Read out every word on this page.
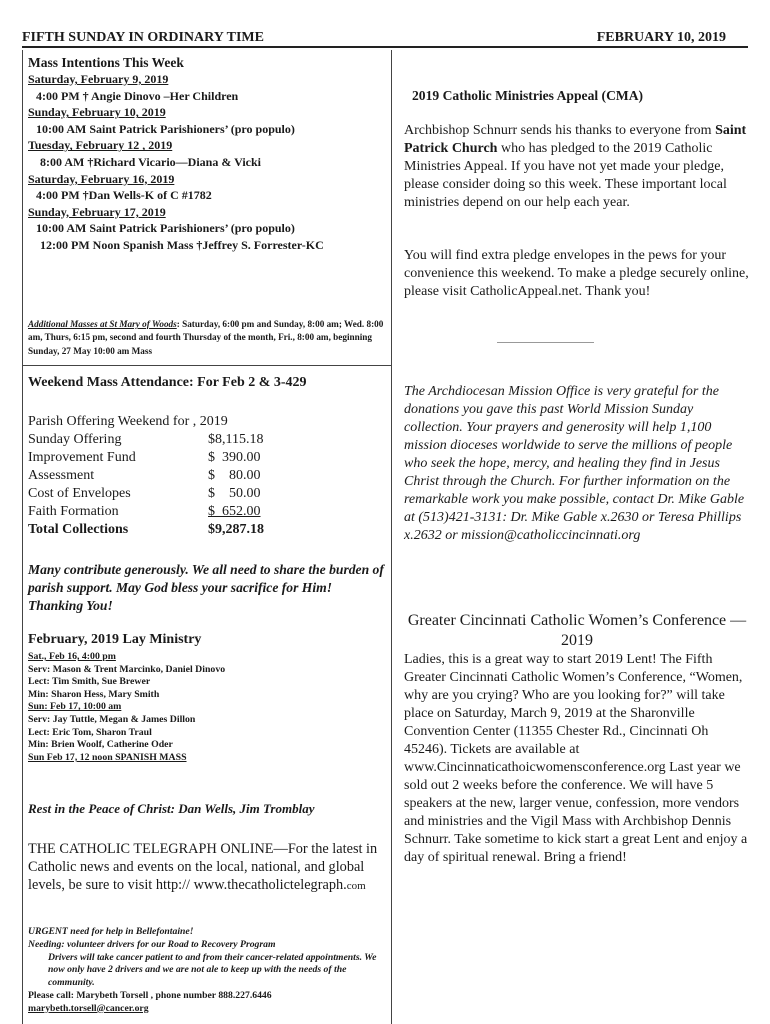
FIFTH SUNDAY IN ORDINARY TIME	FEBRUARY 10, 2019
Mass Intentions This Week
Saturday, February 9, 2019
4:00 PM † Angie Dinovo –Her Children
Sunday, February 10, 2019
10:00 AM Saint Patrick Parishioners’ (pro populo)
Tuesday, February 12 , 2019
8:00 AM †Richard Vicario—Diana & Vicki
Saturday, February 16, 2019
4:00 PM †Dan Wells-K of C #1782
Sunday, February 17, 2019
10:00 AM Saint Patrick Parishioners’ (pro populo)
12:00 PM Noon Spanish Mass †Jeffrey S. Forrester-KC
Additional Masses at St Mary of Woods: Saturday, 6:00 pm and Sunday, 8:00 am; Wed. 8:00 am, Thurs, 6:15 pm, second and fourth Thursday of the month, Fri., 8:00 am, beginning Sunday, 27 May 10:00 am Mass
Weekend Mass Attendance: For Feb 2 & 3-429
Parish Offering Weekend for , 2019
Sunday Offering	$8,115.18
Improvement Fund	$  390.00
Assessment	$    80.00
Cost of Envelopes	$    50.00
Faith Formation	$  652.00
Total Collections	$9,287.18
Many contribute generously. We all need to share the burden of parish support. May God bless your sacrifice for Him! Thanking You!
February, 2019 Lay Ministry
Sat., Feb 16, 4:00 pm
Serv: Mason & Trent Marcinko, Daniel Dinovo
Lect: Tim Smith, Sue Brewer
Min: Sharon Hess, Mary Smith
Sun: Feb 17, 10:00 am
Serv: Jay Tuttle, Megan & James Dillon
Lect: Eric Tom, Sharon Traul
Min: Brien Woolf, Catherine Oder
Sun Feb 17, 12 noon SPANISH MASS
Rest in the Peace of Christ: Dan Wells, Jim Tromblay
THE CATHOLIC TELEGRAPH ONLINE—For the latest in Catholic news and events on the local, national, and global levels, be sure to visit http:// www.thecatholictelegraph.com
URGENT need for help in Bellefontaine!
Needing: volunteer drivers for our Road to Recovery Program
Drivers will take cancer patient to and from their cancer-related appointments. We now only have 2 drivers and we are not ale to keep up with the needs of the community.
Please call: Marybeth Torsell , phone number 888.227.6446
marybeth.torsell@cancer.org
2019 Catholic Ministries Appeal (CMA)
Archbishop Schnurr sends his thanks to everyone from Saint Patrick Church who has pledged to the 2019 Catholic Ministries Appeal. If you have not yet made your pledge, please consider doing so this week. These important local ministries depend on our help each year.
You will find extra pledge envelopes in the pews for your convenience this weekend. To make a pledge securely online, please visit CatholicAppeal.net. Thank you!
The Archdiocesan Mission Office is very grateful for the donations you gave this past World Mission Sunday collection. Your prayers and generosity will help 1,100 mission dioceses worldwide to serve the millions of people who seek the hope, mercy, and healing they find in Jesus Christ through the Church. For further information on the remarkable work you make possible, contact Dr. Mike Gable at (513)421-3131: Dr. Mike Gable x.2630 or Teresa Phillips x.2632 or mission@catholiccincinnati.org
Greater Cincinnati Catholic Women’s Conference —2019
Ladies, this is a great way to start 2019 Lent! The Fifth Greater Cincinnati Catholic Women’s Conference, “Women, why are you crying? Who are you looking for?” will take place on Saturday, March 9, 2019 at the Sharonville Convention Center (11355 Chester Rd., Cincinnati Oh 45246). Tickets are available at www.Cincinnaticathoicwomensconference.org Last year we sold out 2 weeks before the conference. We will have 5 speakers at the new, larger venue, confession, more vendors and ministries and the Vigil Mass with Archbishop Dennis Schnurr. Take sometime to kick start a great Lent and enjoy a day of spiritual renewal. Bring a friend!
